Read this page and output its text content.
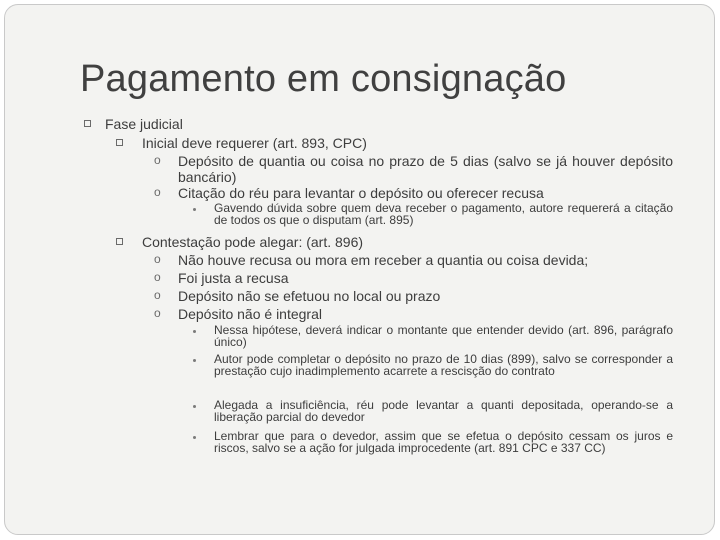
Pagamento em consignação
Fase judicial
Inicial deve requerer (art. 893, CPC)
o Depósito de quantia ou coisa no prazo de 5 dias (salvo se já houver depósito bancário)
o Citação do réu para levantar o depósito ou oferecer recusa
Gavendo dúvida sobre quem deva receber o pagamento, autore requererá a citação de todos os que o disputam (art. 895)
Contestação pode alegar: (art. 896)
o Não houve recusa ou mora em receber a quantia ou coisa devida;
o Foi justa a recusa
o Depósito não se efetuou no local ou prazo
o Depósito não é integral
Nessa hipótese, deverá indicar o montante que entender devido (art. 896, parágrafo único)
Autor pode completar o depósito no prazo de 10 dias (899), salvo se corresponder a prestação cujo inadimplemento acarrete a rescisção do contrato
Alegada a insuficiência, réu pode levantar a quanti depositada, operando-se a liberação parcial do devedor
Lembrar que para o devedor, assim que se efetua o depósito cessam os juros e riscos, salvo se a ação for julgada improcedente (art. 891 CPC e 337 CC)
